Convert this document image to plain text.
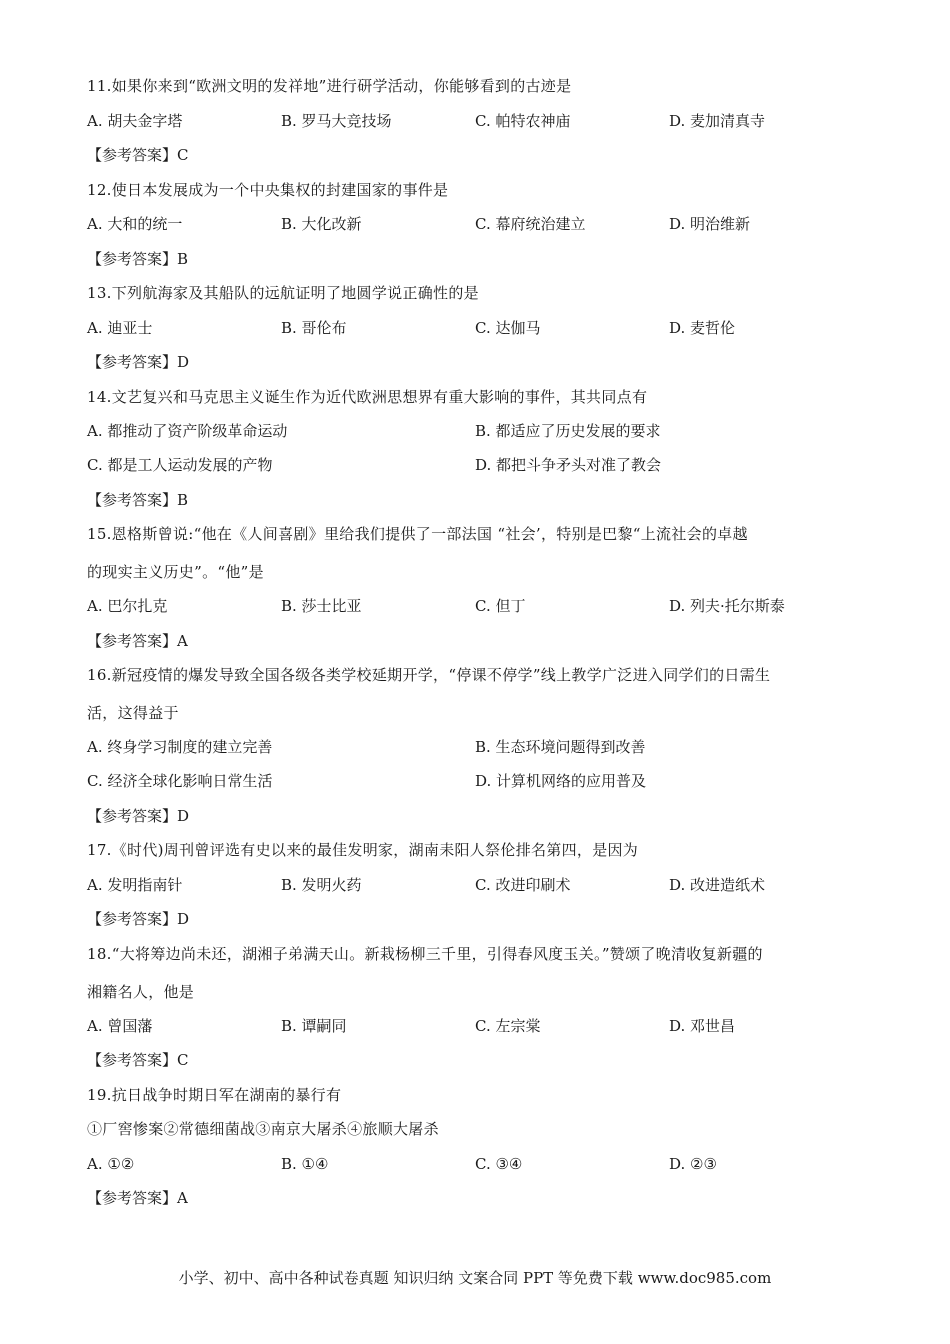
11.如果你来到“欧洲文明的发祥地”进行研学活动，你能够看到的古迹是
A. 胡夫金字塔	B. 罗马大竞技场	C. 帕特农神庙	D. 麦加清真寺
【参考答案】C
12.使日本发展成为一个中央集权的封建国家的事件是
A. 大和的统一	B. 大化改新	C. 幕府统治建立	D. 明治维新
【参考答案】B
13.下列航海家及其船队的远航证明了地圆学说正确性的是
A. 迪亚士	B. 哥伦布	C. 达伽马	D. 麦哲伦
【参考答案】D
14.文艺复兴和马克思主义诞生作为近代欧洲思想界有重大影响的事件，其共同点有
A. 都推动了资产阶级革命运动	B. 都适应了历史发展的要求
C. 都是工人运动发展的产物	D. 都把斗争矛头对准了教会
【参考答案】B
15.恩格斯曾说:“他在《人间喜剧》里给我们提供了一部法国 “社会’，特别是巴黎“上流社会的卓越
的现实主义历史”。“他”是
A. 巴尔扎克	B. 莎士比亚	C. 但丁	D. 列夫·托尔斯泰
【参考答案】A
16.新冠疫情的爆发导致全国各级各类学校延期开学，“停课不停学”线上教学广泛进入同学们的日需生
活，这得益于
A. 终身学习制度的建立完善	B. 生态环境问题得到改善
C. 经济全球化影响日常生活	D. 计算机网络的应用普及
【参考答案】D
17.《时代)周刊曾评选有史以来的最佳发明家，湖南耒阳人祭伦排名第四，是因为
A. 发明指南针	B. 发明火药	C. 改进印刷术	D. 改进造纸术
【参考答案】D
18.“大将筹边尚未还，湖湘子弟满天山。新栽杨柳三千里，引得春风度玉关。”赞颂了晚清收复新疆的
湘籍名人，他是
A. 曾国藩	B. 谭嗣同	C. 左宗棠	D. 邓世昌
【参考答案】C
19.抗日战争时期日军在湖南的暴行有
①厂窖惨案②常德细菌战③南京大屠杀④旅顺大屠杀
A. ①②	B. ①④	C. ③④	D. ②③
【参考答案】A
小学、初中、高中各种试卷真题 知识归纳 文案合同 PPT 等免费下载 www.doc985.com
